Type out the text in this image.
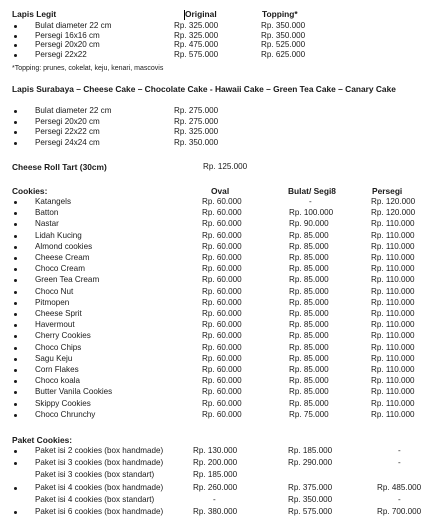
Lapis Legit	Original	Topping*
Bulat diameter 22 cm	Rp. 325.000	Rp. 350.000
Persegi 16x16 cm	Rp. 325.000	Rp. 350.000
Persegi 20x20 cm	Rp. 475.000	Rp. 525.000
Persegi 22x22	Rp. 575.000	Rp. 625.000
*Topping: prunes, cokelat, keju, kenari, mascovis
Lapis Surabaya – Cheese Cake – Chocolate Cake - Hawaii Cake – Green Tea Cake – Canary Cake
Bulat diameter 22 cm	Rp. 275.000
Persegi 20x20 cm	Rp. 275.000
Persegi 22x22 cm	Rp. 325.000
Persegi 24x24 cm	Rp. 350.000
Cheese Roll Tart (30cm)	Rp. 125.000
Cookies:	Oval	Bulat/ Segi8	Persegi
Katangels	Rp. 60.000	-	Rp. 120.000
Batton	Rp. 60.000	Rp. 100.000	Rp. 120.000
Nastar	Rp. 60.000	Rp. 90.000	Rp. 110.000
Lidah Kucing	Rp. 60.000	Rp. 85.000	Rp. 110.000
Almond cookies	Rp. 60.000	Rp. 85.000	Rp. 110.000
Cheese Cream	Rp. 60.000	Rp. 85.000	Rp. 110.000
Choco Cream	Rp. 60.000	Rp. 85.000	Rp. 110.000
Green Tea Cream	Rp. 60.000	Rp. 85.000	Rp. 110.000
Choco Nut	Rp. 60.000	Rp. 85.000	Rp. 110.000
Pitmopen	Rp. 60.000	Rp. 85.000	Rp. 110.000
Cheese Sprit	Rp. 60.000	Rp. 85.000	Rp. 110.000
Havermout	Rp. 60.000	Rp. 85.000	Rp. 110.000
Cherry Cookies	Rp. 60.000	Rp. 85.000	Rp. 110.000
Choco Chips	Rp. 60.000	Rp. 85.000	Rp. 110.000
Sagu Keju	Rp. 60.000	Rp. 85.000	Rp. 110.000
Corn Flakes	Rp. 60.000	Rp. 85.000	Rp. 110.000
Choco koala	Rp. 60.000	Rp. 85.000	Rp. 110.000
Butter Vanila Cookies	Rp. 60.000	Rp. 85.000	Rp. 110.000
Skippy Cookies	Rp. 60.000	Rp. 85.000	Rp. 110.000
Choco Chrunchy	Rp. 60.000	Rp. 75.000	Rp. 110.000
Paket Cookies:
Paket isi 2 cookies (box handmade)	Rp. 130.000	Rp. 185.000	-
Paket isi 3 cookies (box handmade)	Rp. 200.000	Rp. 290.000	-
Paket isi 3 cookies (box standart)	Rp. 185.000
Paket isi 4 cookies (box handmade)	Rp. 260.000	Rp. 375.000	Rp. 485.000
Paket isi 4 cookies (box standart)	-	Rp. 350.000	-
Paket isi 6 cookies (box handmade)	Rp. 380.000	Rp. 575.000	Rp. 700.000
